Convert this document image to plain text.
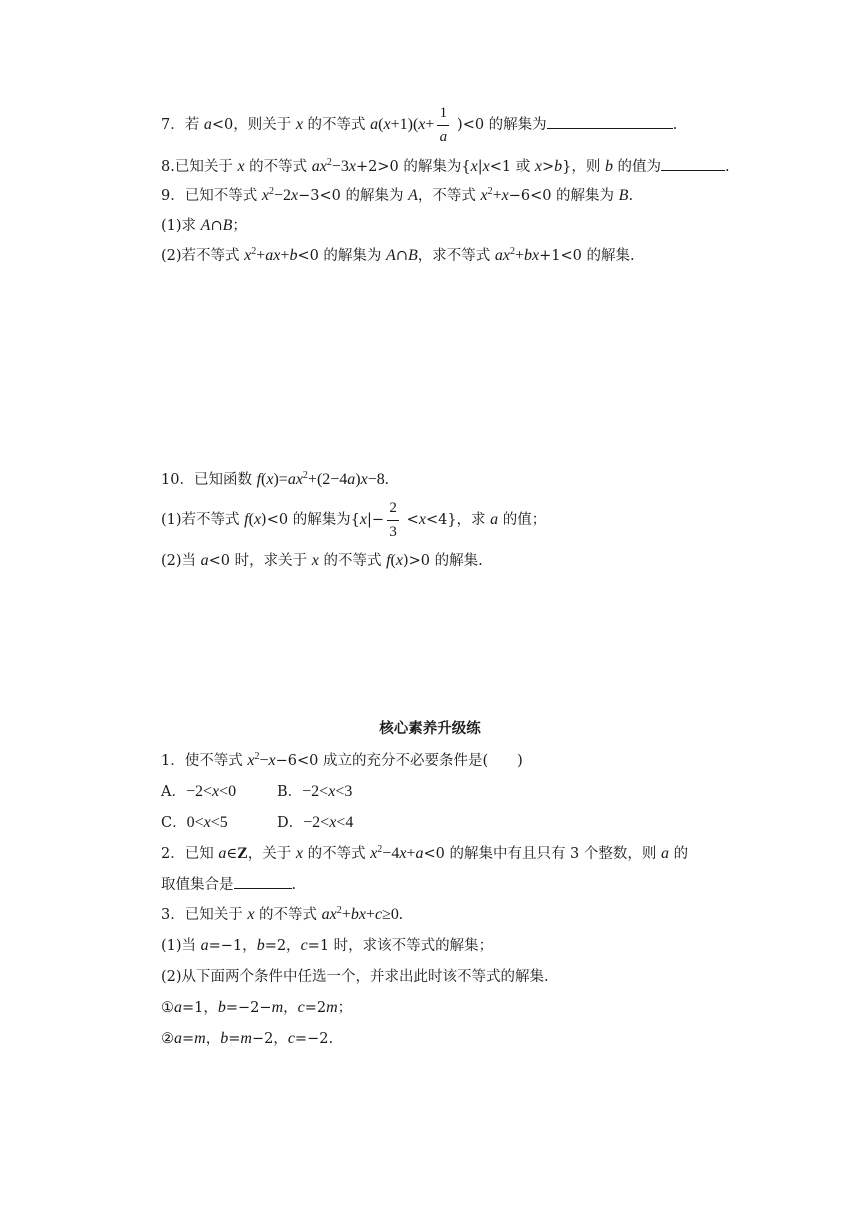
7．若 a<0，则关于 x 的不等式 $a(x+1)(x+ \frac{1}{a} )<0$ 的解集为	.
8.已知关于 x 的不等式 $ax^2-3x+2>0$ 的解集为{x|x<1 或 x>b}，则 b 的值为	.
9．已知不等式 $x^2-2x-3<0$ 的解集为 A，不等式 $x^2+x-6<0$ 的解集为 B.
(1)求 A∩B；
(2)若不等式 $x^2+ax+b<0$ 的解集为 A∩B，求不等式 $ax^2+bx+1<0$ 的解集.
10．已知函数 $f(x)=ax^2+(2-4a)x-8$.
(1)若不等式 f(x)<0 的解集为$\{x|- \frac{2}{3} <x<4\}$，求 a 的值；
(2)当 a<0 时，求关于 x 的不等式 f(x)>0 的解集.
核心素养升级练
1．使不等式 $x^2-x-6<0$ 成立的充分不必要条件是(　　)
A．−2<x<0	B．−2<x<3
C．0<x<5	D．−2<x<4
2．已知 a∈Z，关于 x 的不等式 $x^2-4x+a<0$ 的解集中有且只有 3 个整数，则 a 的
取值集合是	.
3．已知关于 x 的不等式 $ax^2+bx+c\ge 0$.
(1)当 a=−1，b=2，c=1 时，求该不等式的解集；
(2)从下面两个条件中任选一个，并求出此时该不等式的解集.
①a=1，b=−2−m，c=2m；
②a=m，b=m−2，c=−2.
